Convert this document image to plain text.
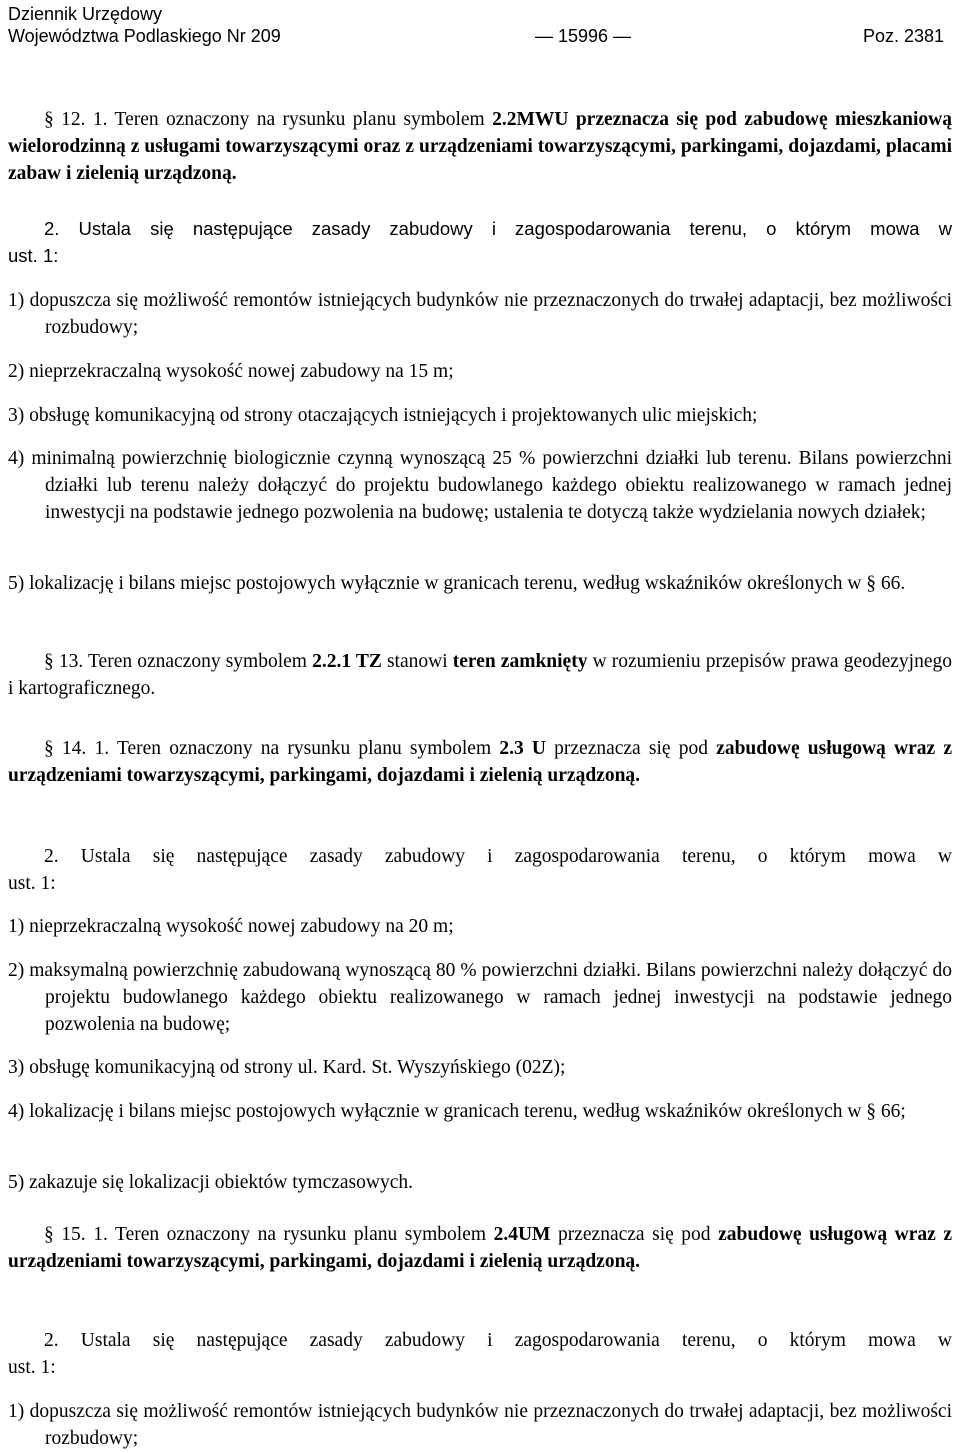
Dziennik Urzędowy
Województwa Podlaskiego Nr 209	— 15996 —	Poz. 2381
§ 12. 1. Teren oznaczony na rysunku planu symbolem 2.2MWU przeznacza się pod zabudowę mieszkaniową wielorodzinną z usługami towarzyszącymi oraz z urządzeniami towarzyszącymi, parkingami, dojazdami, placami zabaw i zielenią urządzoną.
2. Ustala się następujące zasady zabudowy i zagospodarowania terenu, o którym mowa w
ust. 1:
1) dopuszcza się możliwość remontów istniejących budynków nie przeznaczonych do trwałej adaptacji, bez możliwości rozbudowy;
2) nieprzekraczalną wysokość nowej zabudowy na 15 m;
3) obsługę komunikacyjną od strony otaczających istniejących i projektowanych ulic miejskich;
4) minimalną powierzchnię biologicznie czynną wynoszącą 25 % powierzchni działki lub terenu. Bilans powierzchni działki lub terenu należy dołączyć do projektu budowlanego każdego obiektu realizowanego w ramach jednej inwestycji na podstawie jednego pozwolenia na budowę; ustalenia te dotyczą także wydzielania nowych działek;
5) lokalizację i bilans miejsc postojowych wyłącznie w granicach terenu, według wskaźników określonych w § 66.
§ 13. Teren oznaczony symbolem 2.2.1 TZ stanowi teren zamknięty w rozumieniu przepisów prawa geodezyjnego i kartograficznego.
§ 14. 1. Teren oznaczony na rysunku planu symbolem 2.3 U przeznacza się pod zabudowę usługową wraz z urządzeniami towarzyszącymi, parkingami, dojazdami i zielenią urządzoną.
2. Ustala się następujące zasady zabudowy i zagospodarowania terenu, o którym mowa w
ust. 1:
1) nieprzekraczalną wysokość nowej zabudowy na 20 m;
2) maksymalną powierzchnię zabudowaną wynoszącą 80 % powierzchni działki. Bilans powierzchni należy dołączyć do projektu budowlanego każdego obiektu realizowanego w ramach jednej inwestycji na podstawie jednego pozwolenia na budowę;
3) obsługę komunikacyjną od strony ul. Kard. St. Wyszyńskiego (02Z);
4) lokalizację i bilans miejsc postojowych wyłącznie w granicach terenu, według wskaźników określonych w § 66;
5) zakazuje się lokalizacji obiektów tymczasowych.
§ 15. 1. Teren oznaczony na rysunku planu symbolem 2.4UM przeznacza się pod zabudowę usługową wraz z urządzeniami towarzyszącymi, parkingami, dojazdami i zielenią urządzoną.
2. Ustala się następujące zasady zabudowy i zagospodarowania terenu, o którym mowa w
ust. 1:
1) dopuszcza się możliwość remontów istniejących budynków nie przeznaczonych do trwałej adaptacji, bez możliwości rozbudowy;
